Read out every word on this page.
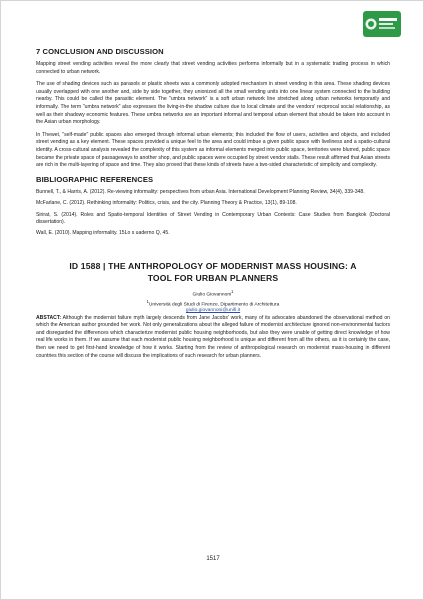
7 CONCLUSION AND DISCUSSION

Mapping street vending activities reveal the more clearly that street vending activities performs informally but in a systematic trading process in which connected to urban network.

The use of shading devices such as parasols or plastic sheets was a commonly adopted mechanism in street vending in this area. These shading devices usually overlapped with one another and, side by side together, they unionized all the small vending units into one linear system connected to the building nearby. This could be called the parasitic element. The "umbra network" is a soft urban network line stretched along urban networks temporarily and informally. The term "umbra network" also expresses the living-in-the shadow culture due to local climate and the vendors' reciprocal social relationship, as well as their shadowy economic features. These umbra networks are an important informal and temporal urban element that should be taken into account in the Asian urban morphology.

In Thewet, "self-made" public spaces also emerged through informal urban elements; this included the flow of users, activities and objects, and included street vending as a key element. These spaces provided a unique feel to the area and could imbue a given public space with liveliness and a spatio-cultural identity. A cross-cultural analysis revealed the complexity of this system as informal elements merged into public space, territories were blurred, public space became the private space of passageways to another shop, and public spaces were occupied by street vendor stalls. These result affirmed that Asian streets are rich in the multi-layering of space and time. They also proved that these kinds of streets have a two-sided characteristic of simplicity and complexity.

BIBLIOGRAPHIC REFERENCES

Bunnell, T., & Harris, A. (2012). Re-viewing informality: perspectives from urban Asia. International Development Planning Review, 34(4), 339-348.

McFarlane, C. (2012). Rethinking informality: Politics, crisis, and the city. Planning Theory & Practice, 13(1), 89-108.

Sirirat, S. (2014). Roles and Spatio-temporal Identities of Street Vending in Contemporary Urban Contexts: Case Studies from Bangkok (Doctoral dissertation).

Wall, E. (2010). Mapping informality. 15Lo s uaderno Q, 45.

ID 1588 | THE ANTHROPOLOGY OF MODERNIST MASS HOUSING: A
TOOL FOR URBAN PLANNERS

Giulio Giovannoni$^1$

$^1$Università degli Studi di Firenze, Dipartimento di Architettura

giulio.giovannoni@unifi.it

ABSTACT: Although the modernist failure myth largely descends from Jane Jacobs' work, many of its advocates abandoned the observational method on which the American author grounded her work. Not only generalizations about the alleged failure of modernist architecture ignored non-environmental factors and disregarded the differences which characterize modernist public housing neighborhoods, but also they were unable of getting direct knowledge of how real life works in them. If we assume that each modernist public housing neighborhood is unique and different from all the others, as it is certainly the case, then we need to get first-hand knowledge of how it works. Starting from the review of anthropological research on modernist mass-housing in different countries this section of the course will discuss the implications of such research for urban planners.

1517
